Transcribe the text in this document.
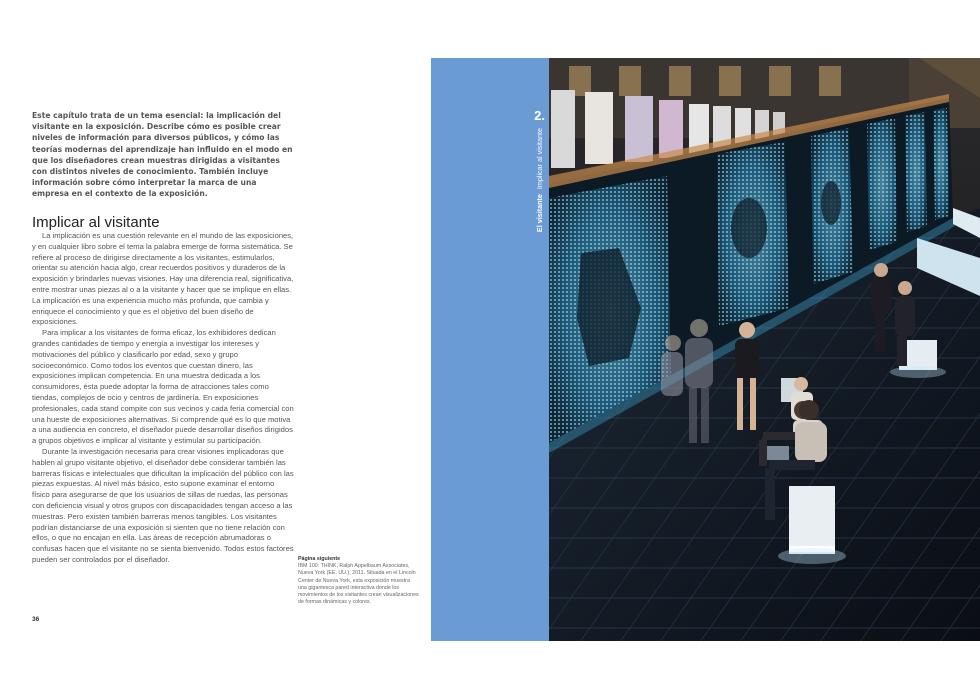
Este capítulo trata de un tema esencial: la implicación del visitante en la exposición. Describe cómo es posible crear niveles de información para diversos públicos, y cómo las teorías modernas del aprendizaje han influido en el modo en que los diseñadores crean muestras dirigidas a visitantes con distintos niveles de conocimiento. También incluye información sobre cómo interpretar la marca de una empresa en el contexto de la exposición.

Implicar al visitante

La implicación es una cuestión relevante en el mundo de las exposiciones, y en cualquier libro sobre el tema la palabra emerge de forma sistemática. Se refiere al proceso de dirigirse directamente a los visitantes, estimularlos, orientar su atención hacia algo, crear recuerdos positivos y duraderos de la exposición y brindarles nuevas visiones. Hay una diferencia real, significativa, entre mostrar unas piezas al o a la visitante y hacer que se implique en ellas. La implicación es una experiencia mucho más profunda, que cambia y enriquece el conocimiento y que es el objetivo del buen diseño de exposiciones.

Para implicar a los visitantes de forma eficaz, los exhibidores dedican grandes cantidades de tiempo y energía a investigar los intereses y motivaciones del público y clasificarlo por edad, sexo y grupo socioeconómico. Como todos los eventos que cuestan dinero, las exposiciones implican competencia. En una muestra dedicada a los consumidores, ésta puede adoptar la forma de atracciones tales como tiendas, complejos de ocio y centros de jardinería. En exposiciones profesionales, cada stand compite con sus vecinos y cada feria comercial con una hueste de exposiciones alternativas. Si comprende qué es lo que motiva a una audiencia en concreto, el diseñador puede desarrollar diseños dirigidos a grupos objetivos e implicar al visitante y estimular su participación.

Durante la investigación necesaria para crear visiones implicadoras que hablen al grupo visitante objetivo, el diseñador debe considerar también las barreras físicas e intelectuales que dificultan la implicación del público con las piezas expuestas. Al nivel más básico, esto supone examinar el entorno físico para asegurarse de que los usuarios de sillas de ruedas, las personas con deficiencia visual y otros grupos con discapacidades tengan acceso a las muestras. Pero existen también barreras menos tangibles. Los visitantes podrían distanciarse de una exposición si sienten que no tiene relación con ellos, o que no encajan en ella. Las áreas de recepción abrumadoras o confusas hacen que el visitante no se sienta bienvenido. Todos estos factores pueden ser controlados por el diseñador.	Página siguiente
IBM 100: THINK, Ralph Appelbaum Associates, Nueva York (EE. UU.), 2011. Situada en el Lincoln Center de Nueva York, esta exposición muestra una gigantesca pared interactiva donde los movimientos de los visitantes crean visualizaciones de formas dinámicas y colores.
36
2.
El visitanteImplicar al visitante
